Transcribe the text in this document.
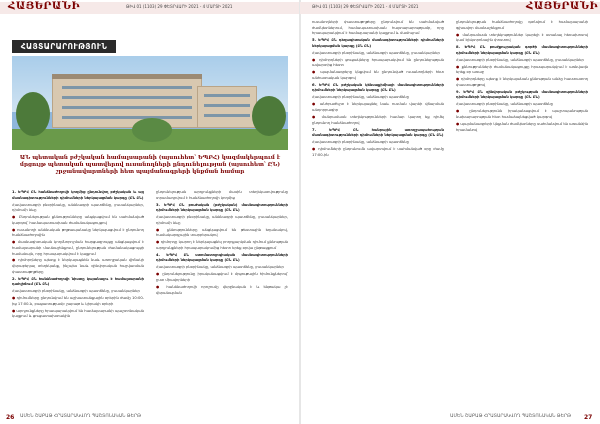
ՀԱՅԵՐԱՆԻ	ԹԻՎ 01 (1103) 29 ՓԵՏՐՎԱՐԻ 2021 - 4 ՄԱՐՏԻ 2021
ՀԱՅՏԱՐԱՐՈՒԹՅՈՒՆ
ԱՆ պետական բժշկական համալսարանի (այսուհետ՝ ԵՊԲՀ) կազմակերպում է մրցույթ պետական պատվերով ուսանողների ընդունելության (այսուհետ՝ ԸՆ) շրջանավարտների հետ պայմանագրերի կնքման համար

1. ԵՊԲՀ ԸՆ հանձնաժողովի կողմից ընդունվող բժշկական և այլ մասնագիտությունների դիմումների ներկայացման կարգը (ԸՆ ԸՆ)

Հավաստագրի բնօրինակը, անձնագրի պատճենը, լուսանկարներ, դիմումի ձևը

● Ընդունելության քննությունները անցկացվում են սահմանված կարգով՝ համապատասխան ժամանակացույցով

● ուսանողի անձնական թղթապանակը ներկայացվում է ընդունող հանձնաժողովին

● մասնագիտական կողմնորոշման հարցազրույցը անցկացվում է համալսարանի մասնաշենքում, ընդունելության ժամանակացույցի համաձայն, որը հրապարակվում է կայքում

● դիմորդները պետք է ներկայացնեն նաև առողջական վիճակի վերաբերյալ տեղեկանք, ինչպես նաև զինվորական հաշվառման փաստաթղթերը

2. ԵՊԲՀ ԸՆ հանձնաժողովի նիստը կայանալու է համալսարանի դահլիճում (ԸՆ ԸՆ)

Հավաստագրի բնօրինակը, անձնագրի պատճենը, լուսանկարներ

● դիմումները ընդունվում են աշխատանքային օրերին ժամը 10:00-ից 17:00-ն, բացառությամբ շաբաթ և կիրակի օրերի

● արդյունքները հրապարակվում են համալսարանի պաշտոնական կայքում և ցուցատախտակին

ընդունելության արդյունքների մասին տեղեկատվությունը տրամադրվում է հանձնաժողովի կողմից

3. ԵՊԲՀ ԸՆ բուժական (բժշկական) մասնագիտությունների դիմումների ներկայացման կարգը (ԸՆ ԸՆ)

Հավաստագրի բնօրինակը, անձնագրի պատճենը, լուսանկարներ, դիմումի ձևը

● քննությունները անցկացվում են թեստային եղանակով, համակարգչային տարբերակով

● դիմորդը կարող է ներկայացնել բողոքարկման դիմում քննության արդյունքների հրապարակումից հետո երեք օրվա ընթացքում

4. ԵՊԲՀ ԸՆ ստոմատոլոգիական մասնագիտությունների դիմումների ներկայացման կարգը (ԸՆ ԸՆ)

Հավաստագրի բնօրինակը, անձնագրի պատճենը, լուսանկարներ

● ընդունելությունը իրականացվում է մրցութային հիմունքներով՝ ըստ միավորների

● հանձնաժողովի որոշումը վերջնական է և ենթակա չէ վերանայման

26 ԱՄԵՆ ՇԱԲԱԹ ՀՐԱՏԱՐԱԿՎՈՂ ՊԱՇՏՈՆԱԿԱՆ ԹԵՐԹ
ԹԻՎ 01 (1103) 29 ՓԵՏՐՎԱՐԻ 2021 - 4 ՄԱՐՏԻ 2021	ՀԱՅԵՐԱՆԻ

ուսանողների փաստաթղթերը ընդունվում են սահմանված ժամկետներում, համապատասխան հայտարարությամբ, որը հրապարակվում է համալսարանի կայքում և մամուլում

5. ԵՊԲՀ ԸՆ դեղագիտական մասնագիտությունների դիմումների ներկայացման կարգը (ԸՆ ԸՆ)

Հավաստագրի բնօրինակը, անձնագրի պատճենը, լուսանկարներ

● դիմորդների ցուցակները հրապարակվում են ընդունելության ավարտից հետո

● պայմանագրերը կնքվում են ընդունված ուսանողների հետ անհատական կարգով

6. ԵՊԲՀ ԸՆ բժշկական կենսաքիմիայի մասնագիտությունների դիմումների ներկայացման կարգը (ԸՆ ԸՆ)

Հավաստագրի բնօրինակը, անձնագրի պատճենը

● անհրաժեշտ է ներկայացնել նաև ուսման վարձի վճարման անդորրագիր

● մանրամասն տեղեկությունների համար կարող եք դիմել ընդունող հանձնաժողով

7. ԵՊԲՀ ԸՆ հանրային առողջապահության մասնագիտությունների դիմումների ներկայացման կարգը (ԸՆ ԸՆ)

Հավաստագրի բնօրինակը, անձնագրի պատճենը

● դիմումների ընդունումն ավարտվում է սահմանված օրը ժամը 17:00-ին

ընդունելության հանձնաժողովը գտնվում է համալսարանի գլխավոր մասնաշենքում

● մանրամասն տեղեկություններ կարելի է ստանալ հեռախոսով կամ էլեկտրոնային փոստով

8. ԵՊԲՀ ԸՆ բուժքույրական գործի մասնագիտությունների դիմումների ներկայացման կարգը (ԸՆ ԸՆ)

Հավաստագրի բնօրինակը, անձնագրի պատճենը, լուսանկարներ

● քննությունների ժամանակացույցը հրապարակվում է առնվազն երեք օր առաջ

● դիմորդները պետք է ներկայանան քննության անձը հաստատող փաստաթղթով

9. ԵՊԲՀ ԸՆ զինվորական բժշկության մասնագիտությունների դիմումների ներկայացման կարգը (ԸՆ ԸՆ)

Հավաստագրի բնօրինակը, անձնագրի պատճենը

● ընդունելությունն իրականացվում է պաշտպանության նախարարության հետ համաձայնեցված կարգով

● պայմանագրերի կնքման ժամկետները սահմանվում են առանձին հրամանով

ԱՄԵՆ ՇԱԲԱԹ ՀՐԱՏԱՐԱԿՎՈՂ ՊԱՇՏՈՆԱԿԱՆ ԹԵՐԹ 27
